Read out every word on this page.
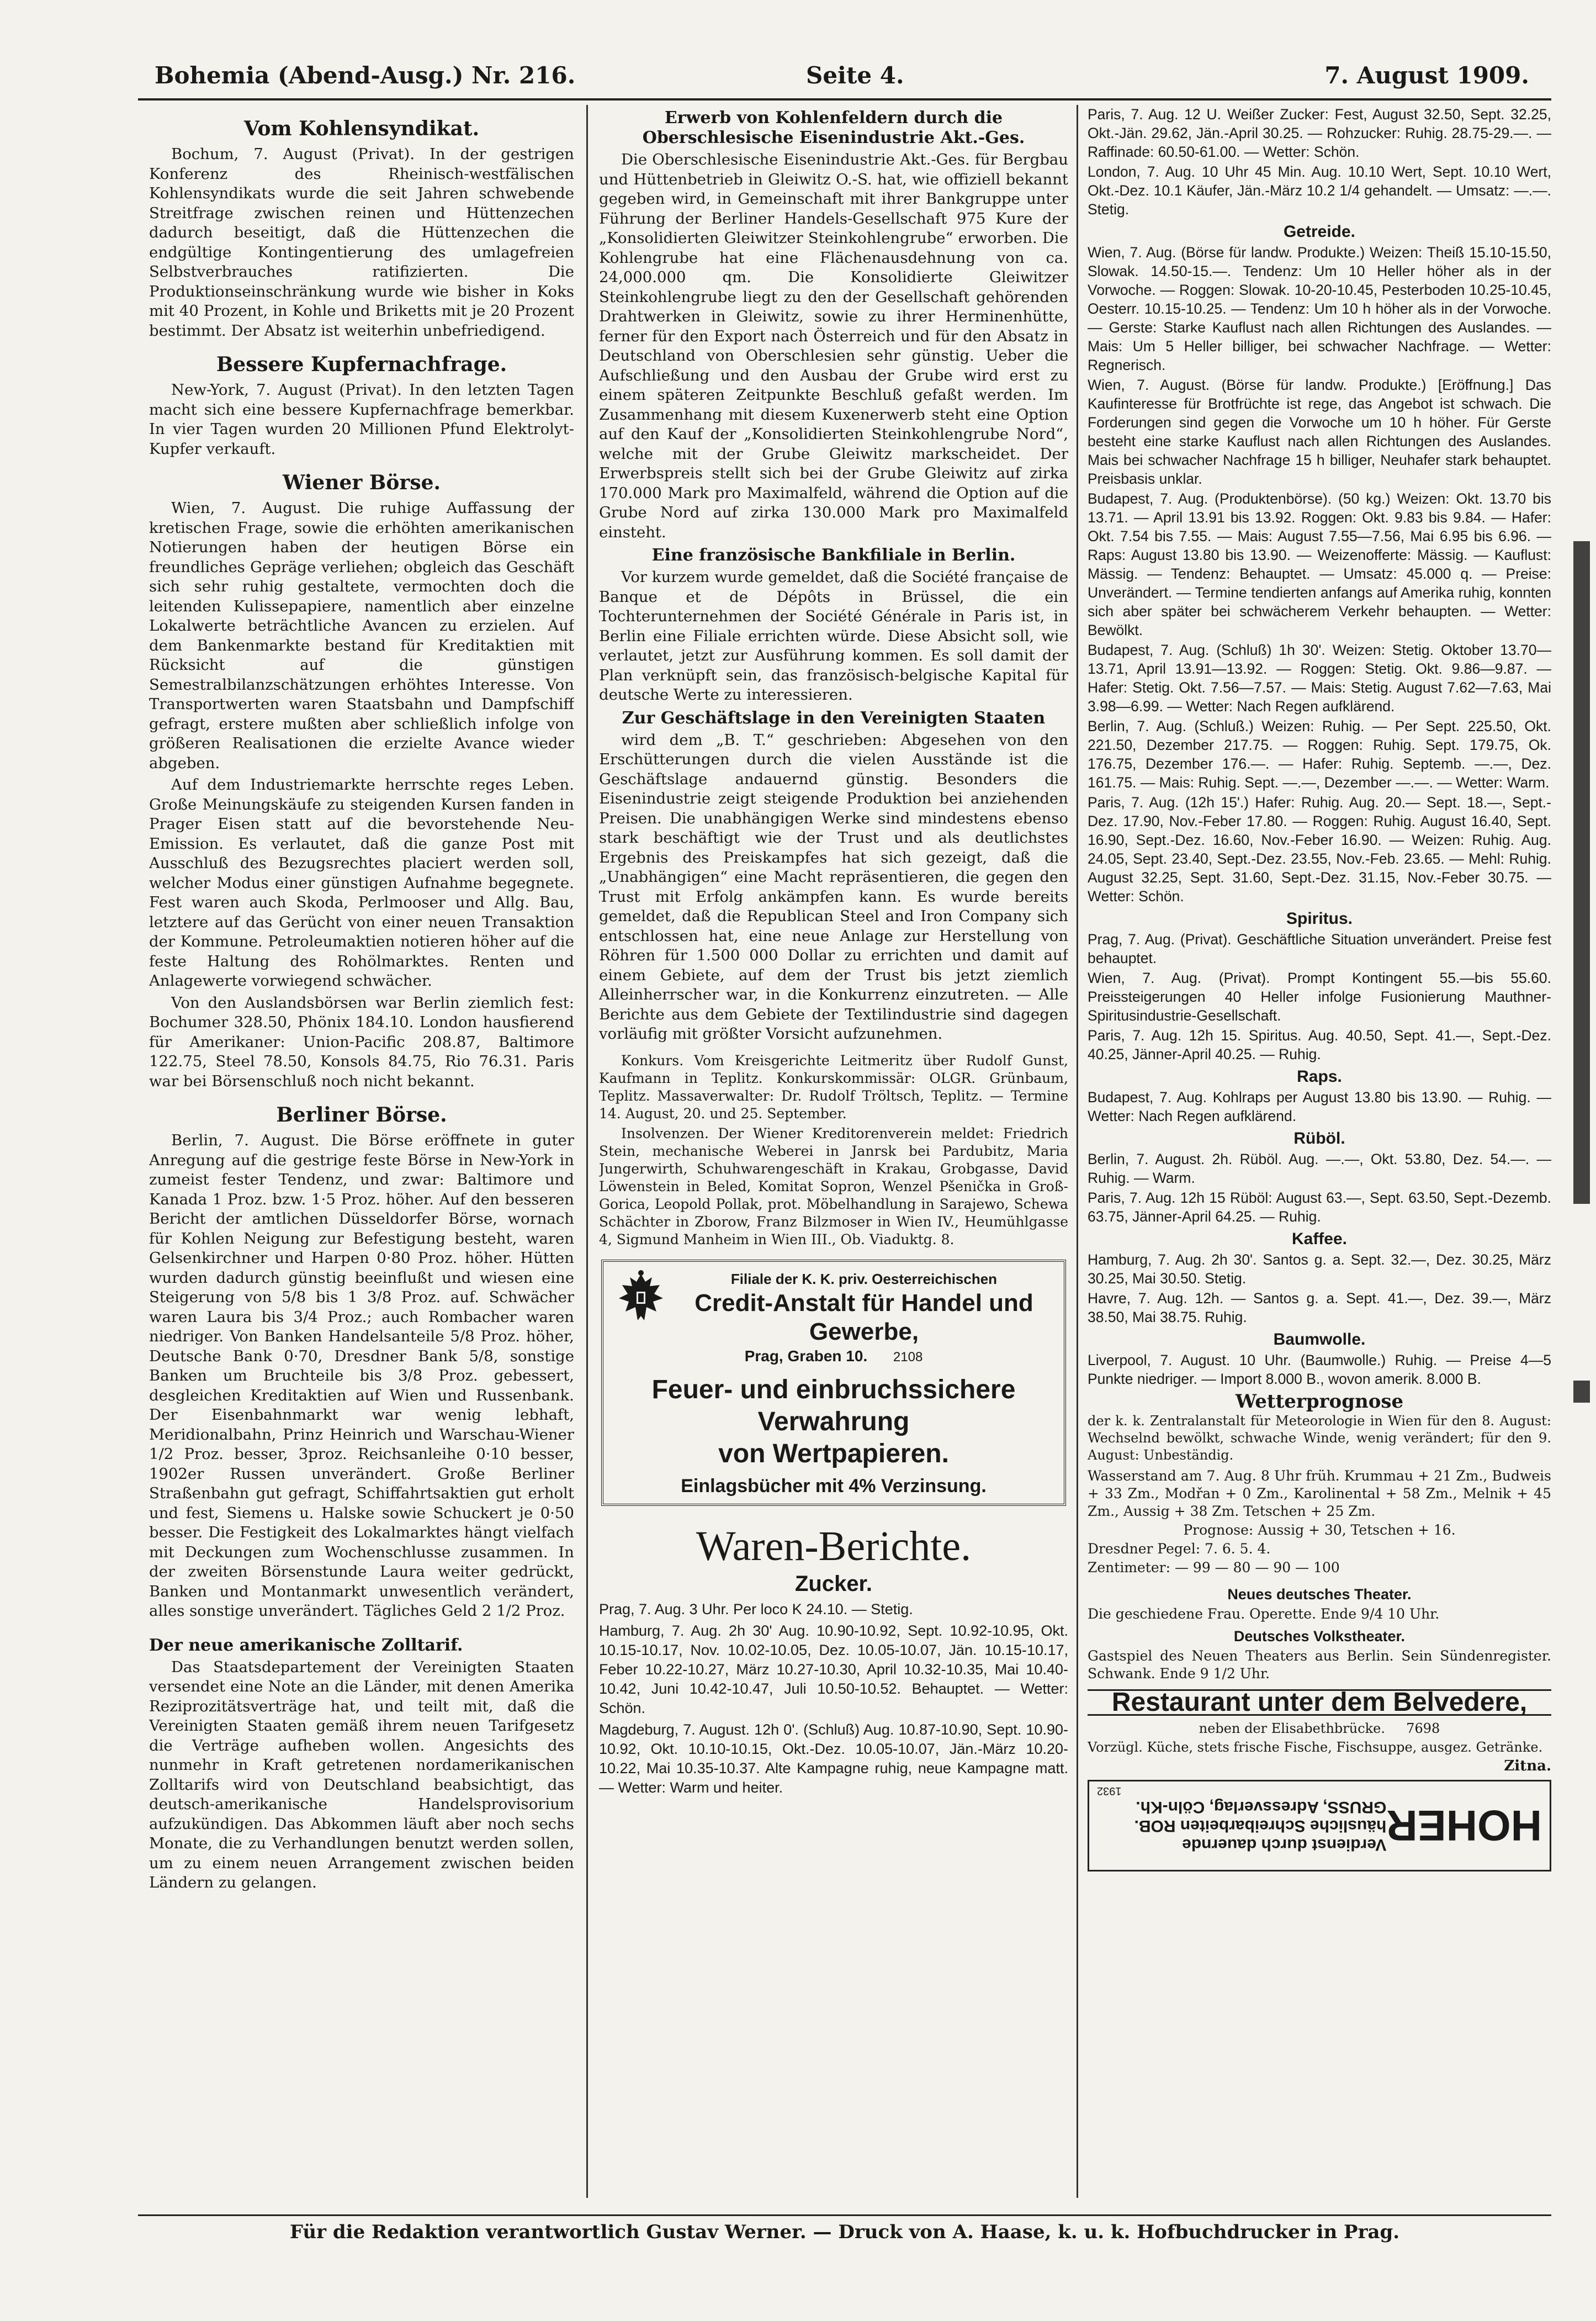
Bohemia (Abend-Ausg.) Nr. 216.	Seite 4.	7. August 1909.
Vom Kohlensyndikat.

Bochum, 7. August (Privat). In der gestrigen Konferenz des Rheinisch-westfälischen Kohlensyndikats wurde die seit Jahren schwebende Streitfrage zwischen reinen und Hüttenzechen dadurch beseitigt, daß die Hüttenzechen die endgültige Kontingentierung des umlagefreien Selbstverbrauches ratifizierten. Die Produktionseinschränkung wurde wie bisher in Koks mit 40 Prozent, in Kohle und Briketts mit je 20 Prozent bestimmt. Der Absatz ist weiterhin unbefriedigend.

Bessere Kupfernachfrage.

New-York, 7. August (Privat). In den letzten Tagen macht sich eine bessere Kupfernachfrage bemerkbar. In vier Tagen wurden 20 Millionen Pfund Elektrolyt-Kupfer verkauft.

Wiener Börse.

Wien, 7. August. Die ruhige Auffassung der kretischen Frage, sowie die erhöhten amerikanischen Notierungen haben der heutigen Börse ein freundliches Gepräge verliehen; obgleich das Geschäft sich sehr ruhig gestaltete, vermochten doch die leitenden Kulissepapiere, namentlich aber einzelne Lokalwerte beträchtliche Avancen zu erzielen. Auf dem Bankenmarkte bestand für Kreditaktien mit Rücksicht auf die günstigen Semestralbilanzschätzungen erhöhtes Interesse. Von Transportwerten waren Staatsbahn und Dampfschiff gefragt, erstere mußten aber schließlich infolge von größeren Realisationen die erzielte Avance wieder abgeben.

Auf dem Industriemarkte herrschte reges Leben. Große Meinungskäufe zu steigenden Kursen fanden in Prager Eisen statt auf die bevorstehende Neu-Emission. Es verlautet, daß die ganze Post mit Ausschluß des Bezugsrechtes placiert werden soll, welcher Modus einer günstigen Aufnahme begegnete. Fest waren auch Skoda, Perlmooser und Allg. Bau, letztere auf das Gerücht von einer neuen Transaktion der Kommune. Petroleumaktien notieren höher auf die feste Haltung des Rohölmarktes. Renten und Anlagewerte vorwiegend schwächer.

Von den Auslandsbörsen war Berlin ziemlich fest: Bochumer 328.50, Phönix 184.10. London hausfierend für Amerikaner: Union-Pacific 208.87, Baltimore 122.75, Steel 78.50, Konsols 84.75, Rio 76.31. Paris war bei Börsenschluß noch nicht bekannt.

Berliner Börse.

Berlin, 7. August. Die Börse eröffnete in guter Anregung auf die gestrige feste Börse in New-York in zumeist fester Tendenz, und zwar: Baltimore und Kanada 1 Proz. bzw. 1·5 Proz. höher. Auf den besseren Bericht der amtlichen Düsseldorfer Börse, wornach für Kohlen Neigung zur Befestigung besteht, waren Gelsenkirchner und Harpen 0·80 Proz. höher. Hütten wurden dadurch günstig beeinflußt und wiesen eine Steigerung von 5/8 bis 1 3/8 Proz. auf. Schwächer waren Laura bis 3/4 Proz.; auch Rombacher waren niedriger. Von Banken Handelsanteile 5/8 Proz. höher, Deutsche Bank 0·70, Dresdner Bank 5/8, sonstige Banken um Bruchteile bis 3/8 Proz. gebessert, desgleichen Kreditaktien auf Wien und Russenbank. Der Eisenbahnmarkt war wenig lebhaft, Meridionalbahn, Prinz Heinrich und Warschau-Wiener 1/2 Proz. besser, 3proz. Reichsanleihe 0·10 besser, 1902er Russen unverändert. Große Berliner Straßenbahn gut gefragt, Schiffahrtsaktien gut erholt und fest, Siemens u. Halske sowie Schuckert je 0·50 besser. Die Festigkeit des Lokalmarktes hängt vielfach mit Deckungen zum Wochenschlusse zusammen. In der zweiten Börsenstunde Laura weiter gedrückt, Banken und Montanmarkt unwesentlich verändert, alles sonstige unverändert. Tägliches Geld 2 1/2 Proz.

Der neue amerikanische Zolltarif.

Das Staatsdepartement der Vereinigten Staaten versendet eine Note an die Länder, mit denen Amerika Reziprozitätsverträge hat, und teilt mit, daß die Vereinigten Staaten gemäß ihrem neuen Tarifgesetz die Verträge aufheben wollen. Angesichts des nunmehr in Kraft getretenen nordamerikanischen Zolltarifs wird von Deutschland beabsichtigt, das deutsch-amerikanische Handelsprovisorium aufzukündigen. Das Abkommen läuft aber noch sechs Monate, die zu Verhandlungen benutzt werden sollen, um zu einem neuen Arrangement zwischen beiden Ländern zu gelangen.

Erwerb von Kohlenfeldern durch die Oberschlesische Eisenindustrie Akt.-Ges.

Die Oberschlesische Eisenindustrie Akt.-Ges. für Bergbau und Hüttenbetrieb in Gleiwitz O.-S. hat, wie offiziell bekannt gegeben wird, in Gemeinschaft mit ihrer Bankgruppe unter Führung der Berliner Handels-Gesellschaft 975 Kure der „Konsolidierten Gleiwitzer Steinkohlengrube“ erworben. Die Kohlengrube hat eine Flächenausdehnung von ca. 24,000.000 qm. Die Konsolidierte Gleiwitzer Steinkohlengrube liegt zu den der Gesellschaft gehörenden Drahtwerken in Gleiwitz, sowie zu ihrer Herminenhütte, ferner für den Export nach Österreich und für den Absatz in Deutschland von Oberschlesien sehr günstig. Ueber die Aufschließung und den Ausbau der Grube wird erst zu einem späteren Zeitpunkte Beschluß gefaßt werden. Im Zusammenhang mit diesem Kuxenerwerb steht eine Option auf den Kauf der „Konsolidierten Steinkohlengrube Nord“, welche mit der Grube Gleiwitz markscheidet. Der Erwerbspreis stellt sich bei der Grube Gleiwitz auf zirka 170.000 Mark pro Maximalfeld, während die Option auf die Grube Nord auf zirka 130.000 Mark pro Maximalfeld einsteht.

Eine französische Bankfiliale in Berlin.

Vor kurzem wurde gemeldet, daß die Société française de Banque et de Dépôts in Brüssel, die ein Tochterunternehmen der Société Générale in Paris ist, in Berlin eine Filiale errichten würde. Diese Absicht soll, wie verlautet, jetzt zur Ausführung kommen. Es soll damit der Plan verknüpft sein, das französisch-belgische Kapital für deutsche Werte zu interessieren.

Zur Geschäftslage in den Vereinigten Staaten

wird dem „B. T.“ geschrieben: Abgesehen von den Erschütterungen durch die vielen Ausstände ist die Geschäftslage andauernd günstig. Besonders die Eisenindustrie zeigt steigende Produktion bei anziehenden Preisen. Die unabhängigen Werke sind mindestens ebenso stark beschäftigt wie der Trust und als deutlichstes Ergebnis des Preiskampfes hat sich gezeigt, daß die „Unabhängigen“ eine Macht repräsentieren, die gegen den Trust mit Erfolg ankämpfen kann. Es wurde bereits gemeldet, daß die Republican Steel and Iron Company sich entschlossen hat, eine neue Anlage zur Herstellung von Röhren für 1.500 000 Dollar zu errichten und damit auf einem Gebiete, auf dem der Trust bis jetzt ziemlich Alleinherrscher war, in die Konkurrenz einzutreten. — Alle Berichte aus dem Gebiete der Textilindustrie sind dagegen vorläufig mit größter Vorsicht aufzunehmen.

Konkurs. Vom Kreisgerichte Leitmeritz über Rudolf Gunst, Kaufmann in Teplitz. Konkurskommissär: OLGR. Grünbaum, Teplitz. Massaverwalter: Dr. Rudolf Tröltsch, Teplitz. — Termine 14. August, 20. und 25. September.

Insolvenzen. Der Wiener Kreditorenverein meldet: Friedrich Stein, mechanische Weberei in Janrsk bei Pardubitz, Maria Jungerwirth, Schuhwarengeschäft in Krakau, Grobgasse, David Löwenstein in Beled, Komitat Sopron, Wenzel Pšenička in Groß-Gorica, Leopold Pollak, prot. Möbelhandlung in Sarajewo, Schewa Schächter in Zborow, Franz Bilzmoser in Wien IV., Heumühlgasse 4, Sigmund Manheim in Wien III., Ob. Viaduktg. 8.

Filiale der K. K. priv. Oesterreichischen
Credit-Anstalt für Handel und Gewerbe,
Prag, Graben 10. 2108
Feuer- und einbruchssichere Verwahrung
von Wertpapieren.
Einlagsbücher mit 4% Verzinsung.
Waren-Berichte.
Zucker.

Prag, 7. Aug. 3 Uhr. Per loco K 24.10. — Stetig.

Hamburg, 7. Aug. 2h 30' Aug. 10.90-10.92, Sept. 10.92-10.95, Okt. 10.15-10.17, Nov. 10.02-10.05, Dez. 10.05-10.07, Jän. 10.15-10.17, Feber 10.22-10.27, März 10.27-10.30, April 10.32-10.35, Mai 10.40-10.42, Juni 10.42-10.47, Juli 10.50-10.52. Behauptet. — Wetter: Schön.

Magdeburg, 7. August. 12h 0'. (Schluß) Aug. 10.87-10.90, Sept. 10.90-10.92, Okt. 10.10-10.15, Okt.-Dez. 10.05-10.07, Jän.-März 10.20-10.22, Mai 10.35-10.37. Alte Kampagne ruhig, neue Kampagne matt. — Wetter: Warm und heiter.

Paris, 7. Aug. 12 U. Weißer Zucker: Fest, August 32.50, Sept. 32.25, Okt.-Jän. 29.62, Jän.-April 30.25. — Rohzucker: Ruhig. 28.75-29.—. — Raffinade: 60.50-61.00. — Wetter: Schön.

London, 7. Aug. 10 Uhr 45 Min. Aug. 10.10 Wert, Sept. 10.10 Wert, Okt.-Dez. 10.1 Käufer, Jän.-März 10.2 1/4 gehandelt. — Umsatz: —.—. Stetig.

Getreide.

Wien, 7. Aug. (Börse für landw. Produkte.) Weizen: Theiß 15.10-15.50, Slowak. 14.50-15.—. Tendenz: Um 10 Heller höher als in der Vorwoche. — Roggen: Slowak. 10-20-10.45, Pesterboden 10.25-10.45, Oesterr. 10.15-10.25. — Tendenz: Um 10 h höher als in der Vorwoche. — Gerste: Starke Kauflust nach allen Richtungen des Auslandes. — Mais: Um 5 Heller billiger, bei schwacher Nachfrage. — Wetter: Regnerisch.

Wien, 7. August. (Börse für landw. Produkte.) [Eröffnung.] Das Kaufinteresse für Brotfrüchte ist rege, das Angebot ist schwach. Die Forderungen sind gegen die Vorwoche um 10 h höher. Für Gerste besteht eine starke Kauflust nach allen Richtungen des Auslandes. Mais bei schwacher Nachfrage 15 h billiger, Neuhafer stark behauptet. Preisbasis unklar.

Budapest, 7. Aug. (Produktenbörse). (50 kg.) Weizen: Okt. 13.70 bis 13.71. — April 13.91 bis 13.92. Roggen: Okt. 9.83 bis 9.84. — Hafer: Okt. 7.54 bis 7.55. — Mais: August 7.55—7.56, Mai 6.95 bis 6.96. — Raps: August 13.80 bis 13.90. — Weizenofferte: Mässig. — Kauflust: Mässig. — Tendenz: Behauptet. — Umsatz: 45.000 q. — Preise: Unverändert. — Termine tendierten anfangs auf Amerika ruhig, konnten sich aber später bei schwächerem Verkehr behaupten. — Wetter: Bewölkt.

Budapest, 7. Aug. (Schluß) 1h 30'. Weizen: Stetig. Oktober 13.70—13.71, April 13.91—13.92. — Roggen: Stetig. Okt. 9.86—9.87. — Hafer: Stetig. Okt. 7.56—7.57. — Mais: Stetig. August 7.62—7.63, Mai 3.98—6.99. — Wetter: Nach Regen aufklärend.

Berlin, 7. Aug. (Schluß.) Weizen: Ruhig. — Per Sept. 225.50, Okt. 221.50, Dezember 217.75. — Roggen: Ruhig. Sept. 179.75, Ok. 176.75, Dezember 176.—. — Hafer: Ruhig. Septemb. —.—, Dez. 161.75. — Mais: Ruhig. Sept. —.—, Dezember —.—. — Wetter: Warm.

Paris, 7. Aug. (12h 15'.) Hafer: Ruhig. Aug. 20.— Sept. 18.—, Sept.-Dez. 17.90, Nov.-Feber 17.80. — Roggen: Ruhig. August 16.40, Sept. 16.90, Sept.-Dez. 16.60, Nov.-Feber 16.90. — Weizen: Ruhig. Aug. 24.05, Sept. 23.40, Sept.-Dez. 23.55, Nov.-Feb. 23.65. — Mehl: Ruhig. August 32.25, Sept. 31.60, Sept.-Dez. 31.15, Nov.-Feber 30.75. — Wetter: Schön.

Spiritus.

Prag, 7. Aug. (Privat). Geschäftliche Situation unverändert. Preise fest behauptet.

Wien, 7. Aug. (Privat). Prompt Kontingent 55.—bis 55.60. Preissteigerungen 40 Heller infolge Fusionierung Mauthner-Spiritusindustrie-Gesellschaft.

Paris, 7. Aug. 12h 15. Spiritus. Aug. 40.50, Sept. 41.—, Sept.-Dez. 40.25, Jänner-April 40.25. — Ruhig.

Raps.

Budapest, 7. Aug. Kohlraps per August 13.80 bis 13.90. — Ruhig. — Wetter: Nach Regen aufklärend.

Rüböl.

Berlin, 7. August. 2h. Rüböl. Aug. —.—, Okt. 53.80, Dez. 54.—. — Ruhig. — Warm.

Paris, 7. Aug. 12h 15 Rüböl: August 63.—, Sept. 63.50, Sept.-Dezemb. 63.75, Jänner-April 64.25. — Ruhig.

Kaffee.

Hamburg, 7. Aug. 2h 30'. Santos g. a. Sept. 32.—, Dez. 30.25, März 30.25, Mai 30.50. Stetig.

Havre, 7. Aug. 12h. — Santos g. a. Sept. 41.—, Dez. 39.—, März 38.50, Mai 38.75. Ruhig.

Baumwolle.

Liverpool, 7. August. 10 Uhr. (Baumwolle.) Ruhig. — Preise 4—5 Punkte niedriger. — Import 8.000 B., wovon amerik. 8.000 B.

Wetterprognose

der k. k. Zentralanstalt für Meteorologie in Wien für den 8. August: Wechselnd bewölkt, schwache Winde, wenig verändert; für den 9. August: Unbeständig.

Wasserstand am 7. Aug. 8 Uhr früh. Krummau + 21 Zm., Budweis + 33 Zm., Modřan + 0 Zm., Karolinental + 58 Zm., Melnik + 45 Zm., Aussig + 38 Zm. Tetschen + 25 Zm.

Prognose: Aussig + 30, Tetschen + 16.

Dresdner Pegel: 7. 6. 5. 4.

Zentimeter: — 99 — 80 — 90 — 100

Neues deutsches Theater.

Die geschiedene Frau. Operette. Ende 9/4 10 Uhr.

Deutsches Volkstheater.

Gastspiel des Neuen Theaters aus Berlin. Sein Sündenregister. Schwank. Ende 9 1/2 Uhr.

Restaurant unter dem Belvedere,

neben der Elisabethbrücke. 7698

Vorzügl. Küche, stets frische Fische, Fischsuppe, ausgez. Getränke.

Zitna.

HOHER
Verdienst durch dauernde häusliche Schreibarbeiten ROB. GRUSS, Adressverlag, Cöln-Kh.
1932
Für die Redaktion verantwortlich Gustav Werner. — Druck von A. Haase, k. u. k. Hofbuchdrucker in Prag.
